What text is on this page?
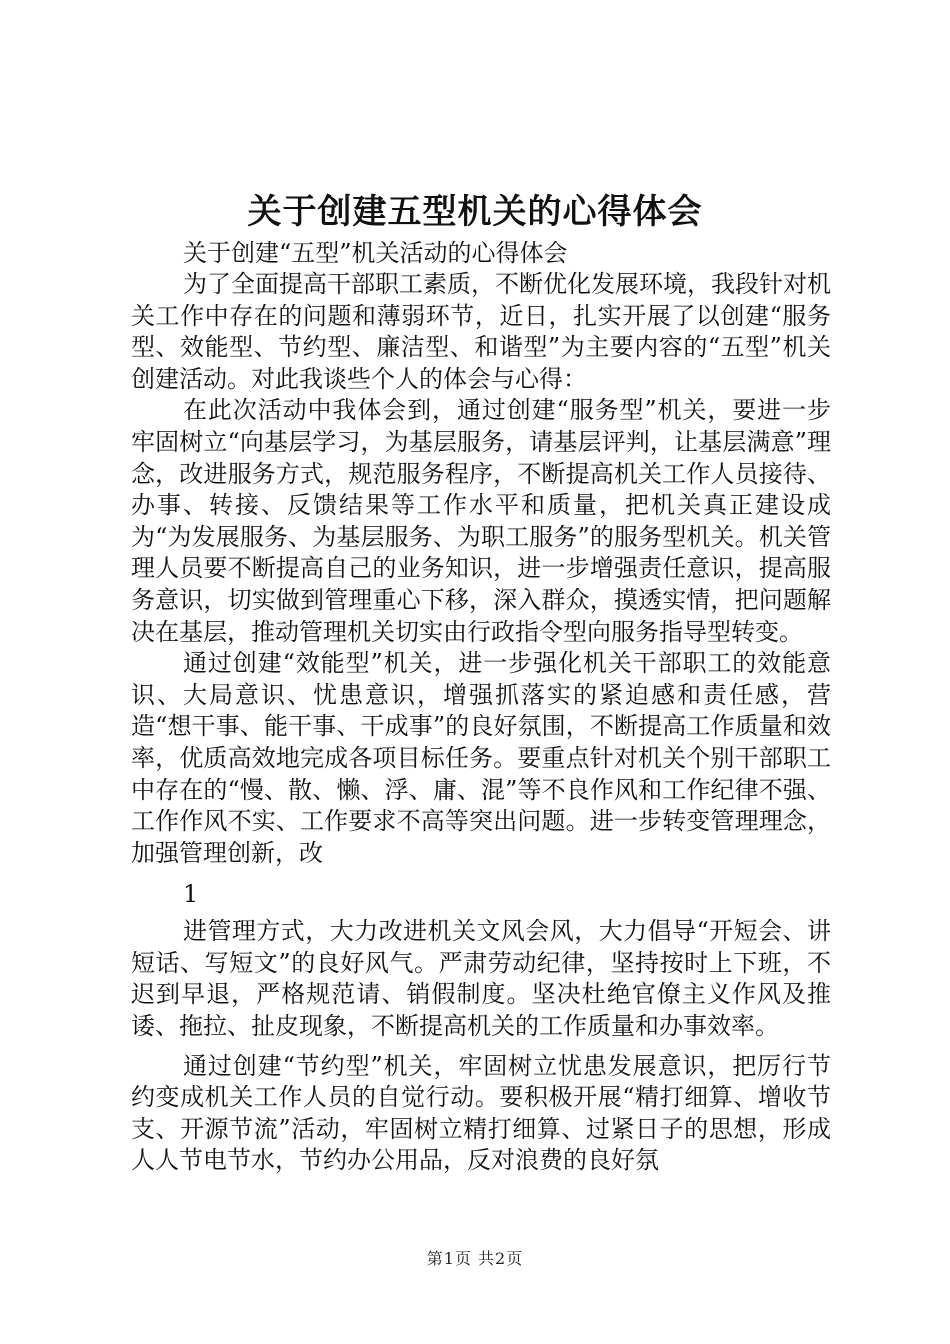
关于创建五型机关的心得体会

关于创建“五型”机关活动的心得体会

为了全面提高干部职工素质，不断优化发展环境，我段针对机关工作中存在的问题和薄弱环节，近日，扎实开展了以创建“服务型、效能型、节约型、廉洁型、和谐型”为主要内容的“五型”机关创建活动。对此我谈些个人的体会与心得：

在此次活动中我体会到，通过创建“服务型”机关，要进一步牢固树立“向基层学习，为基层服务，请基层评判，让基层满意”理念，改进服务方式，规范服务程序，不断提高机关工作人员接待、办事、转接、反馈结果等工作水平和质量，把机关真正建设成为“为发展服务、为基层服务、为职工服务”的服务型机关。机关管理人员要不断提高自己的业务知识，进一步增强责任意识，提高服务意识，切实做到管理重心下移，深入群众，摸透实情，把问题解决在基层，推动管理机关切实由行政指令型向服务指导型转变。

通过创建“效能型”机关，进一步强化机关干部职工的效能意识、大局意识、忧患意识，增强抓落实的紧迫感和责任感，营造“想干事、能干事、干成事”的良好氛围，不断提高工作质量和效率，优质高效地完成各项目标任务。要重点针对机关个别干部职工中存在的“慢、散、懒、浮、庸、混”等不良作风和工作纪律不强、工作作风不实、工作要求不高等突出问题。进一步转变管理理念，加强管理创新，改

1

进管理方式，大力改进机关文风会风，大力倡导“开短会、讲短话、写短文”的良好风气。严肃劳动纪律，坚持按时上下班，不迟到早退，严格规范请、销假制度。坚决杜绝官僚主义作风及推诿、拖拉、扯皮现象，不断提高机关的工作质量和办事效率。

通过创建“节约型”机关，牢固树立忧患发展意识，把厉行节约变成机关工作人员的自觉行动。要积极开展“精打细算、增收节支、开源节流”活动，牢固树立精打细算、过紧日子的思想，形成人人节电节水，节约办公用品，反对浪费的良好氛

第1页 共2页
